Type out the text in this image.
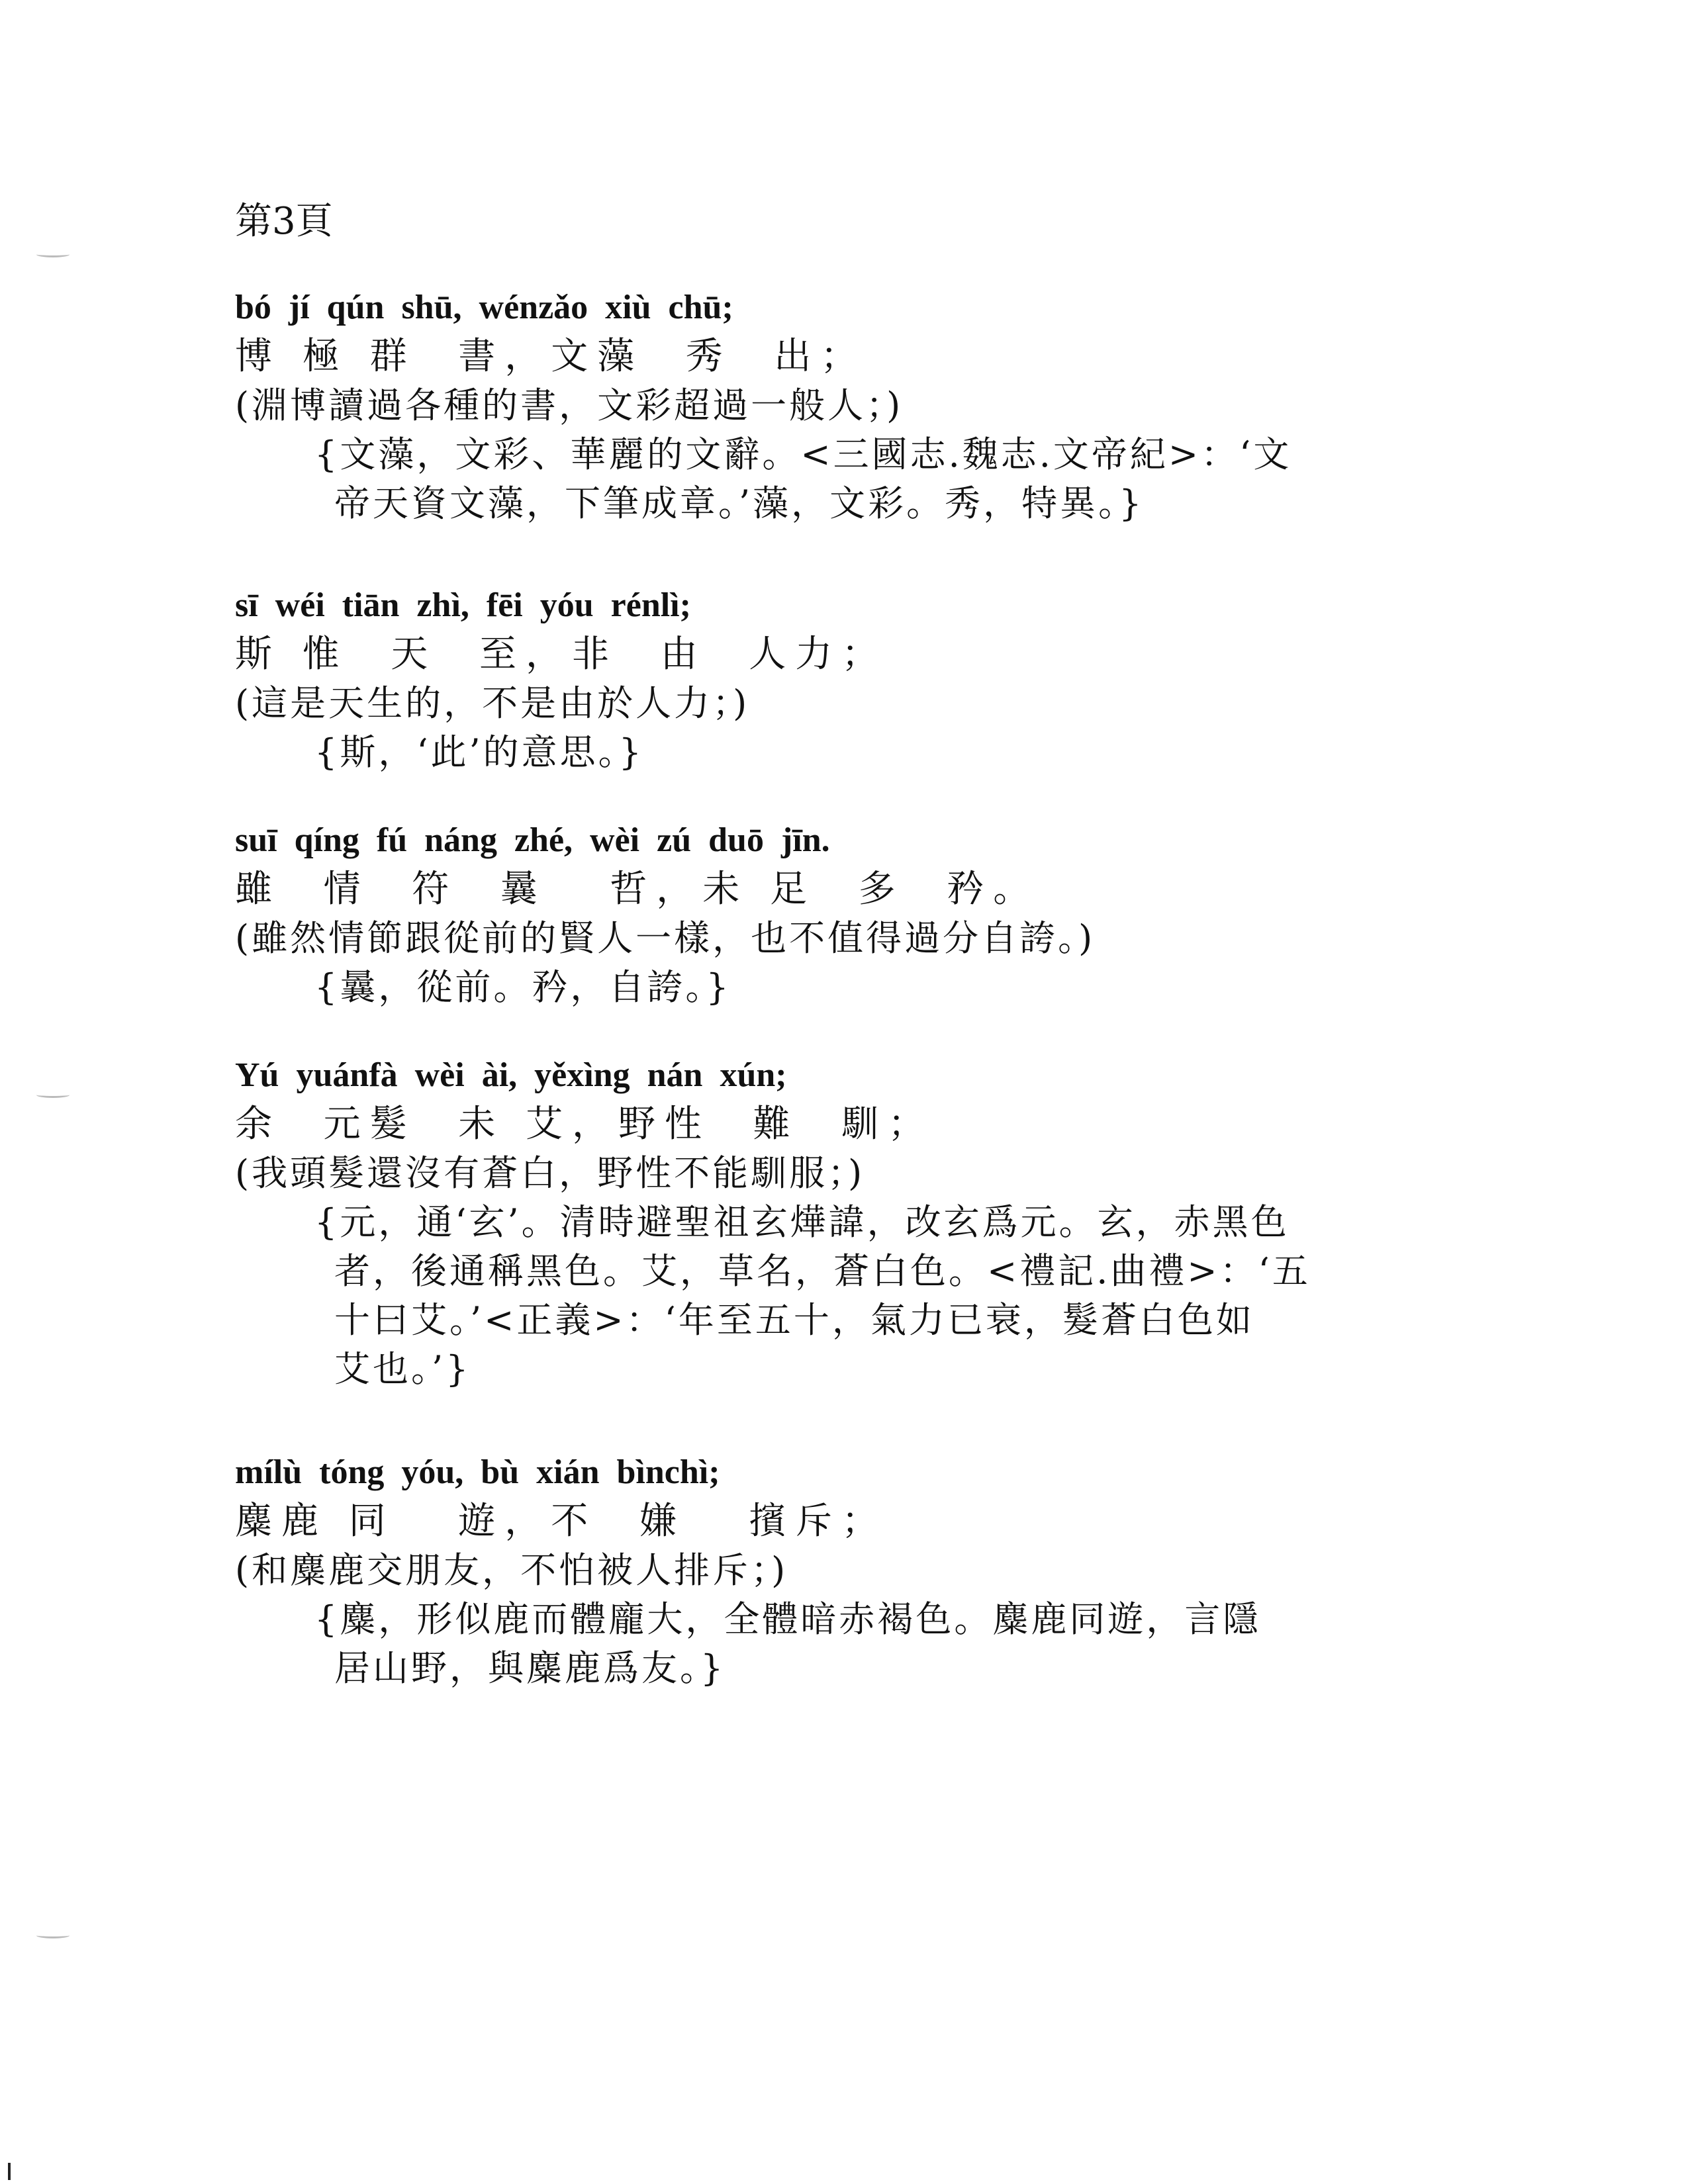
第3頁
bó  jí  qún  shū,  wénzǎo  xiù  chū;
博 極 群  書，文藻  秀  出；
(淵博讀過各種的書，文彩超過一般人；)
{文藻，文彩、華麗的文辭。<三國志.魏志.文帝紀>：‘文
帝天資文藻，下筆成章。’藻，文彩。秀，特異。}
sī  wéi  tiān  zhì,  fēi  yóu  rénlì;
斯 惟  天  至，非  由  人力；
(這是天生的，不是由於人力；)
{斯，‘此’的意思。}
suī  qíng  fú  náng  zhé,  wèi  zú  duō  jīn.
雖  情  符  曩   哲，未 足  多  矜。
(雖然情節跟從前的賢人一樣，也不值得過分自誇。)
{曩，從前。矜，自誇。}
Yú  yuánfà  wèi  ài,  yěxìng  nán  xún;
余  元髮  未 艾，野性  難  馴；
(我頭髮還沒有蒼白，野性不能馴服；)
{元，通‘玄’。清時避聖祖玄燁諱，改玄爲元。玄，赤黑色
者，後通稱黑色。艾，草名，蒼白色。<禮記.曲禮>：‘五
十曰艾。’<正義>：‘年至五十，氣力已衰，髮蒼白色如
艾也。’}
mílù  tóng  yóu,  bù  xián  bìnchì;
麋鹿 同   遊，不  嫌   擯斥；
(和麋鹿交朋友，不怕被人排斥；)
{麋，形似鹿而體龐大，全體暗赤褐色。麋鹿同遊，言隱
居山野，與麋鹿爲友。}
